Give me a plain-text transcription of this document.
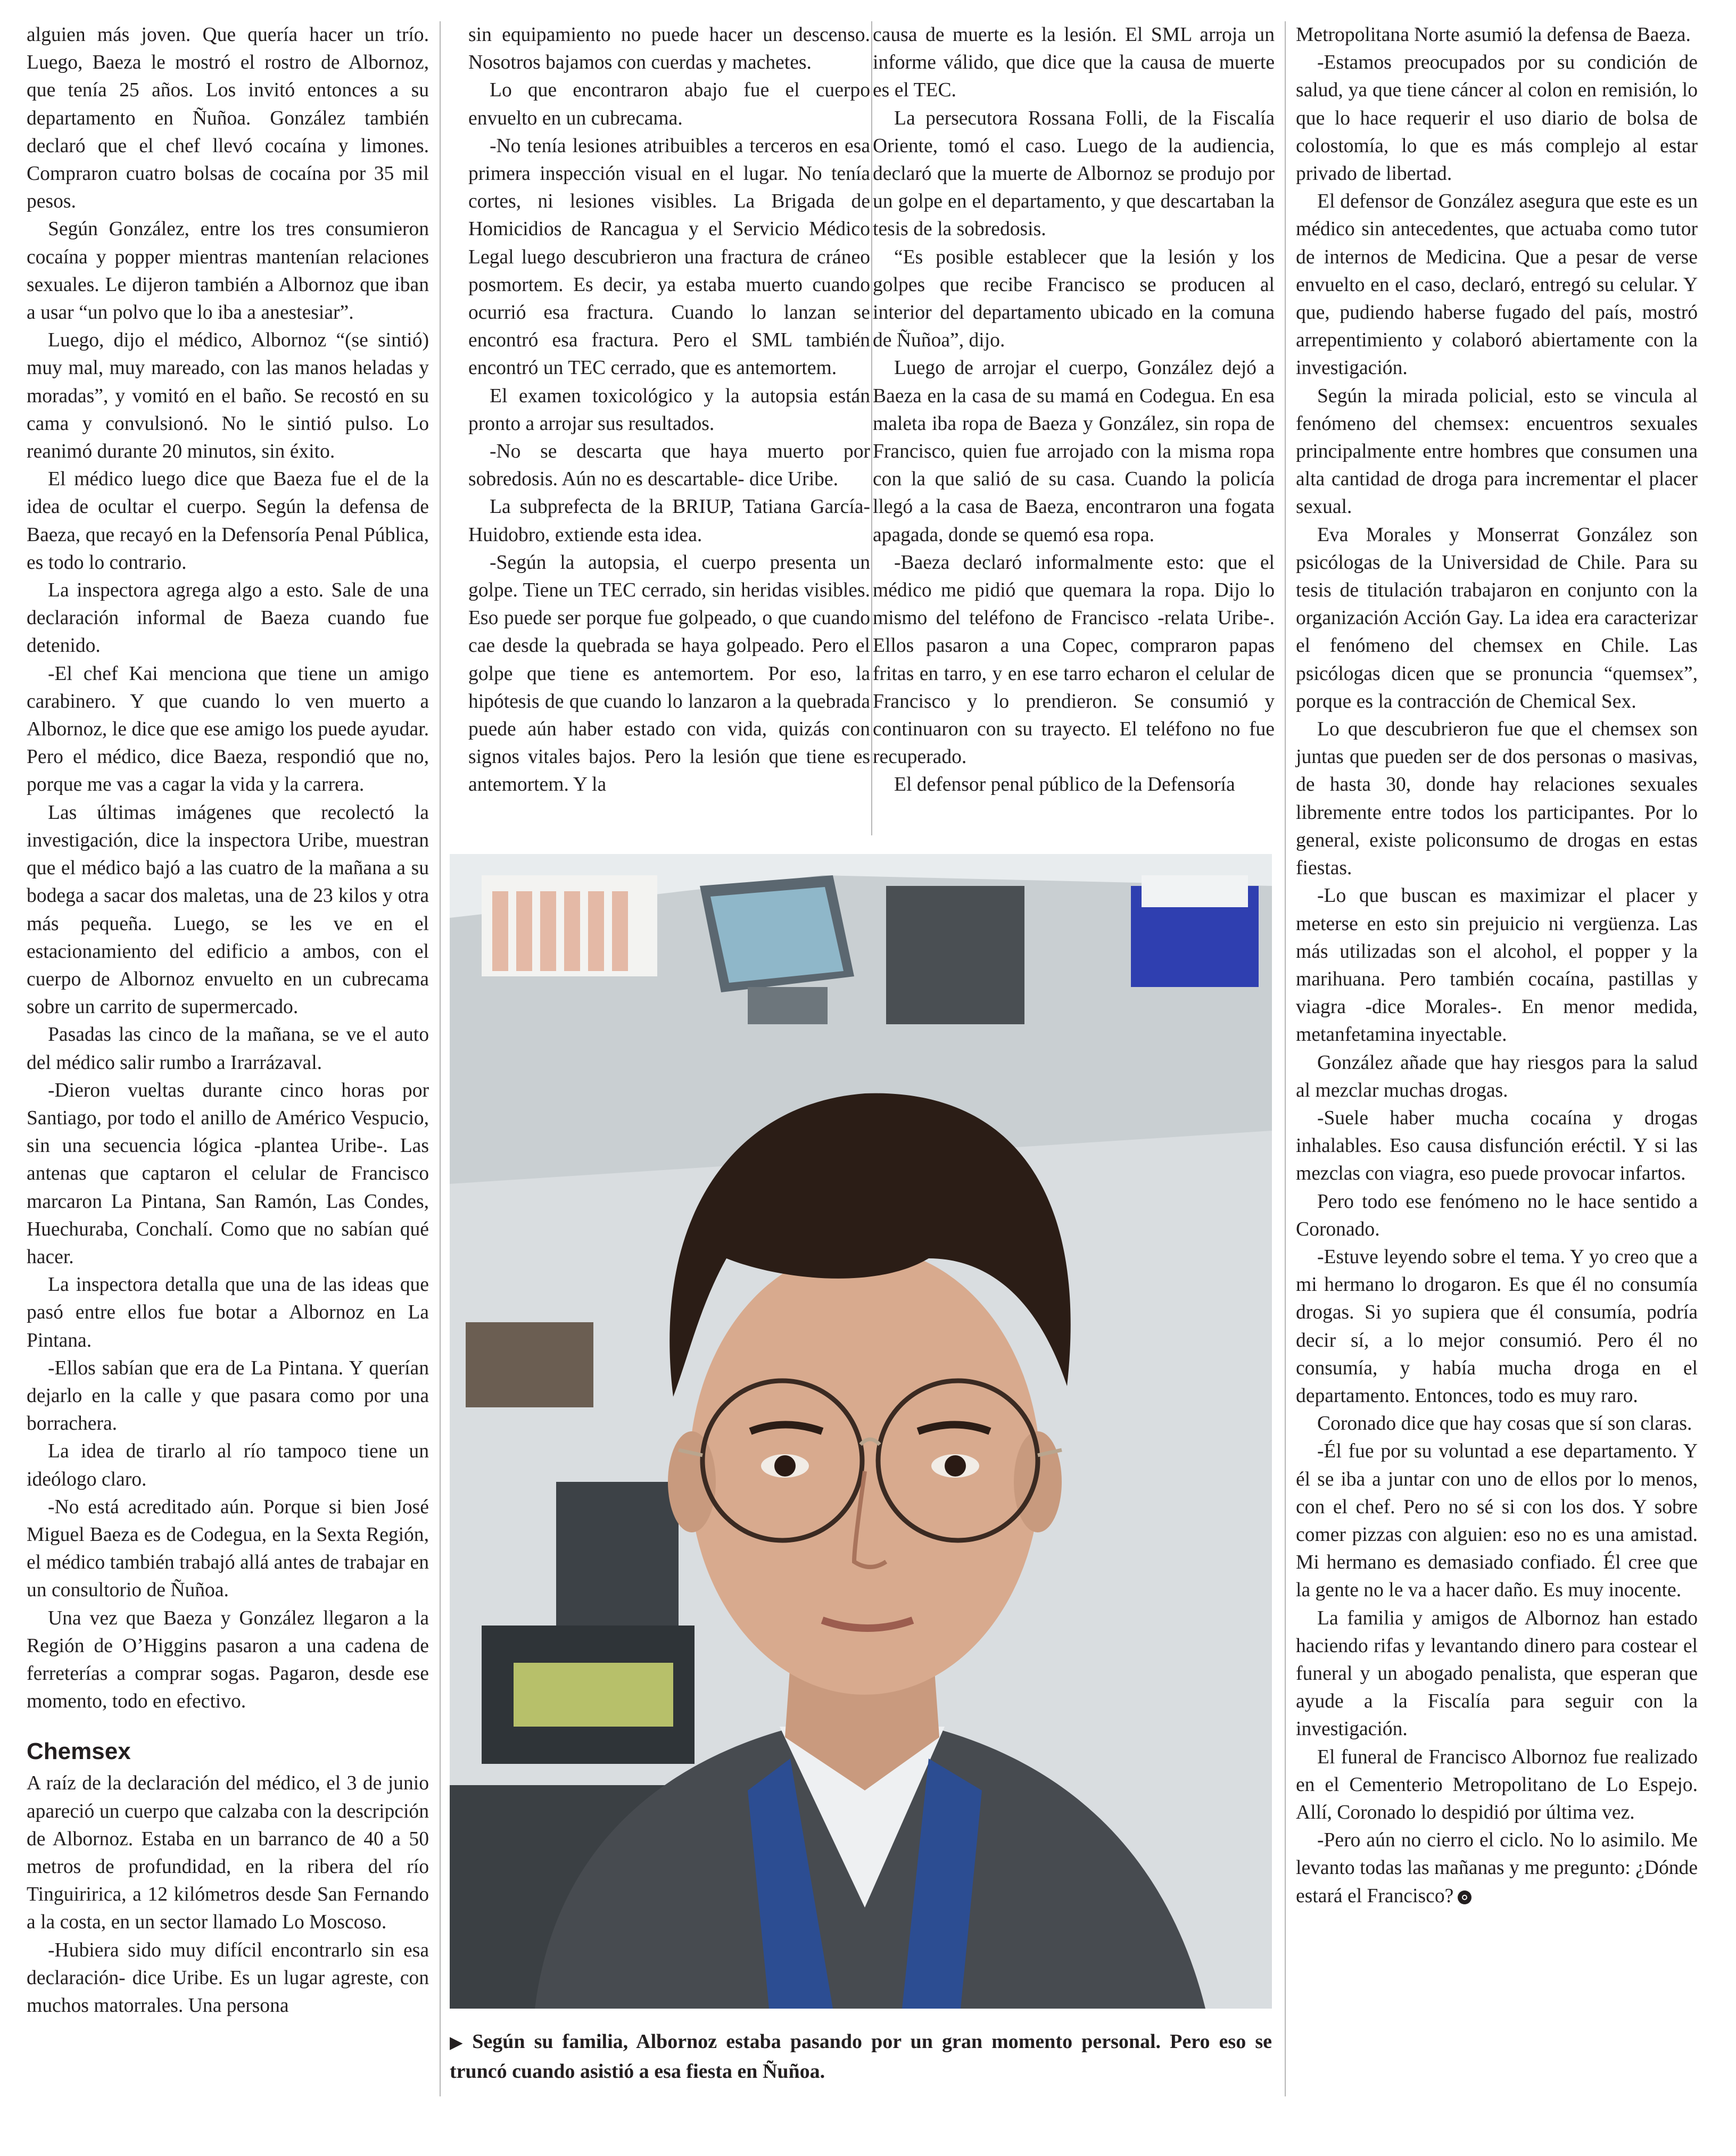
alguien más joven. Que quería hacer un trío. Luego, Baeza le mostró el rostro de Albornoz, que tenía 25 años. Los invitó entonces a su departamento en Ñuñoa. González también declaró que el chef llevó cocaína y limones. Compraron cuatro bolsas de cocaína por 35 mil pesos.

Según González, entre los tres consumieron cocaína y popper mientras mantenían relaciones sexuales. Le dijeron también a Albornoz que iban a usar “un polvo que lo iba a anestesiar”.

Luego, dijo el médico, Albornoz “(se sintió) muy mal, muy mareado, con las manos heladas y moradas”, y vomitó en el baño. Se recostó en su cama y convulsionó. No le sintió pulso. Lo reanimó durante 20 minutos, sin éxito.

El médico luego dice que Baeza fue el de la idea de ocultar el cuerpo. Según la defensa de Baeza, que recayó en la Defensoría Penal Pública, es todo lo contrario.

La inspectora agrega algo a esto. Sale de una declaración informal de Baeza cuando fue detenido.

-El chef Kai menciona que tiene un amigo carabinero. Y que cuando lo ven muerto a Albornoz, le dice que ese amigo los puede ayudar. Pero el médico, dice Baeza, respondió que no, porque me vas a cagar la vida y la carrera.

Las últimas imágenes que recolectó la investigación, dice la inspectora Uribe, muestran que el médico bajó a las cuatro de la mañana a su bodega a sacar dos maletas, una de 23 kilos y otra más pequeña. Luego, se les ve en el estacionamiento del edificio a ambos, con el cuerpo de Albornoz envuelto en un cubrecama sobre un carrito de supermercado.

Pasadas las cinco de la mañana, se ve el auto del médico salir rumbo a Irarrázaval.

-Dieron vueltas durante cinco horas por Santiago, por todo el anillo de Américo Vespucio, sin una secuencia lógica -plantea Uribe-. Las antenas que captaron el celular de Francisco marcaron La Pintana, San Ramón, Las Condes, Huechuraba, Conchalí. Como que no sabían qué hacer.

La inspectora detalla que una de las ideas que pasó entre ellos fue botar a Albornoz en La Pintana.

-Ellos sabían que era de La Pintana. Y querían dejarlo en la calle y que pasara como por una borrachera.

La idea de tirarlo al río tampoco tiene un ideólogo claro.

-No está acreditado aún. Porque si bien José Miguel Baeza es de Codegua, en la Sexta Región, el médico también trabajó allá antes de trabajar en un consultorio de Ñuñoa.

Una vez que Baeza y González llegaron a la Región de O’Higgins pasaron a una cadena de ferreterías a comprar sogas. Pagaron, desde ese momento, todo en efectivo.

Chemsex

A raíz de la declaración del médico, el 3 de junio apareció un cuerpo que calzaba con la descripción de Albornoz. Estaba en un barranco de 40 a 50 metros de profundidad, en la ribera del río Tinguiririca, a 12 kilómetros desde San Fernando a la costa, en un sector llamado Lo Moscoso.

-Hubiera sido muy difícil encontrarlo sin esa declaración- dice Uribe. Es un lugar agreste, con muchos matorrales. Una persona

sin equipamiento no puede hacer un descenso. Nosotros bajamos con cuerdas y machetes.

Lo que encontraron abajo fue el cuerpo envuelto en un cubrecama.

-No tenía lesiones atribuibles a terceros en esa primera inspección visual en el lugar. No tenía cortes, ni lesiones visibles. La Brigada de Homicidios de Rancagua y el Servicio Médico Legal luego descubrieron una fractura de cráneo posmortem. Es decir, ya estaba muerto cuando ocurrió esa fractura. Cuando lo lanzan se encontró esa fractura. Pero el SML también encontró un TEC cerrado, que es antemortem.

El examen toxicológico y la autopsia están pronto a arrojar sus resultados.

-No se descarta que haya muerto por sobredosis. Aún no es descartable- dice Uribe.

La subprefecta de la BRIUP, Tatiana García-Huidobro, extiende esta idea.

-Según la autopsia, el cuerpo presenta un golpe. Tiene un TEC cerrado, sin heridas visibles. Eso puede ser porque fue golpeado, o que cuando cae desde la quebrada se haya golpeado. Pero el golpe que tiene es antemortem. Por eso, la hipótesis de que cuando lo lanzaron a la quebrada puede aún haber estado con vida, quizás con signos vitales bajos. Pero la lesión que tiene es antemortem. Y la

causa de muerte es la lesión. El SML arroja un informe válido, que dice que la causa de muerte es el TEC.

La persecutora Rossana Folli, de la Fiscalía Oriente, tomó el caso. Luego de la audiencia, declaró que la muerte de Albornoz se produjo por un golpe en el departamento, y que descartaban la tesis de la sobredosis.

“Es posible establecer que la lesión y los golpes que recibe Francisco se producen al interior del departamento ubicado en la comuna de Ñuñoa”, dijo.

Luego de arrojar el cuerpo, González dejó a Baeza en la casa de su mamá en Codegua. En esa maleta iba ropa de Baeza y González, sin ropa de Francisco, quien fue arrojado con la misma ropa con la que salió de su casa. Cuando la policía llegó a la casa de Baeza, encontraron una fogata apagada, donde se quemó esa ropa.

-Baeza declaró informalmente esto: que el médico me pidió que quemara la ropa. Dijo lo mismo del teléfono de Francisco -relata Uribe-. Ellos pasaron a una Copec, compraron papas fritas en tarro, y en ese tarro echaron el celular de Francisco y lo prendieron. Se consumió y continuaron con su trayecto. El teléfono no fue recuperado.

El defensor penal público de la Defensoría

Metropolitana Norte asumió la defensa de Baeza.

-Estamos preocupados por su condición de salud, ya que tiene cáncer al colon en remisión, lo que lo hace requerir el uso diario de bolsa de colostomía, lo que es más complejo al estar privado de libertad.

El defensor de González asegura que este es un médico sin antecedentes, que actuaba como tutor de internos de Medicina. Que a pesar de verse envuelto en el caso, declaró, entregó su celular. Y que, pudiendo haberse fugado del país, mostró arrepentimiento y colaboró abiertamente con la investigación.

Según la mirada policial, esto se vincula al fenómeno del chemsex: encuentros sexuales principalmente entre hombres que consumen una alta cantidad de droga para incrementar el placer sexual.

Eva Morales y Monserrat González son psicólogas de la Universidad de Chile. Para su tesis de titulación trabajaron en conjunto con la organización Acción Gay. La idea era caracterizar el fenómeno del chemsex en Chile. Las psicólogas dicen que se pronuncia “quemsex”, porque es la contracción de Chemical Sex.

Lo que descubrieron fue que el chemsex son juntas que pueden ser de dos personas o masivas, de hasta 30, donde hay relaciones sexuales libremente entre todos los participantes. Por lo general, existe policonsumo de drogas en estas fiestas.

-Lo que buscan es maximizar el placer y meterse en esto sin prejuicio ni vergüenza. Las más utilizadas son el alcohol, el popper y la marihuana. Pero también cocaína, pastillas y viagra -dice Morales-. En menor medida, metanfetamina inyectable.

González añade que hay riesgos para la salud al mezclar muchas drogas.

-Suele haber mucha cocaína y drogas inhalables. Eso causa disfunción eréctil. Y si las mezclas con viagra, eso puede provocar infartos.

Pero todo ese fenómeno no le hace sentido a Coronado.

-Estuve leyendo sobre el tema. Y yo creo que a mi hermano lo drogaron. Es que él no consumía drogas. Si yo supiera que él consumía, podría decir sí, a lo mejor consumió. Pero él no consumía, y había mucha droga en el departamento. Entonces, todo es muy raro.

Coronado dice que hay cosas que sí son claras.

-Él fue por su voluntad a ese departamento. Y él se iba a juntar con uno de ellos por lo menos, con el chef. Pero no sé si con los dos. Y sobre comer pizzas con alguien: eso no es una amistad. Mi hermano es demasiado confiado. Él cree que la gente no le va a hacer daño. Es muy inocente.

La familia y amigos de Albornoz han estado haciendo rifas y levantando dinero para costear el funeral y un abogado penalista, que esperan que ayude a la Fiscalía para seguir con la investigación.

El funeral de Francisco Albornoz fue realizado en el Cementerio Metropolitano de Lo Espejo. Allí, Coronado lo despidió por última vez.

-Pero aún no cierro el ciclo. No lo asimilo. Me levanto todas las mañanas y me pregunto: ¿Dónde estará el Francisco?

▶ Según su familia, Albornoz estaba pasando por un gran momento personal. Pero eso se truncó cuando asistió a esa fiesta en Ñuñoa.
